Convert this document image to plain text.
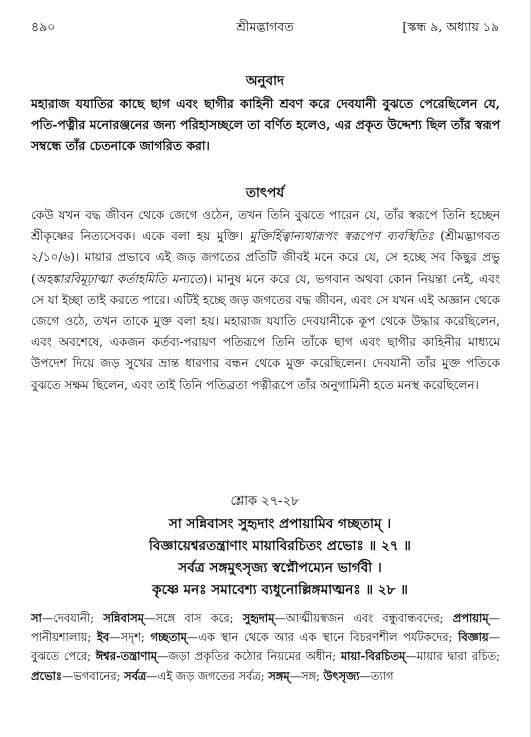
৪৯০	শ্রীমদ্ভাগবত	[স্কন্ধ ৯, অধ্যায় ১৯
অনুবাদ
মহারাজ যযাতির কাছে ছাগ এবং ছাগীর কাহিনী শ্রবণ করে দেবযানী বুঝতে পেরেছিলেন যে, পতি-পত্নীর মনোরঞ্জনের জন্য পরিহাসচ্ছলে তা বর্ণিত হলেও, এর প্রকৃত উদ্দেশ্য ছিল তাঁর স্বরূপ সম্বন্ধে তাঁর চেতনাকে জাগরিত করা।
তাৎপর্য
কেউ যখন বদ্ধ জীবন থেকে জেগে ওঠেন, তখন তিনি বুঝতে পারেন যে, তাঁর স্বরূপে তিনি হচ্ছেন শ্রীকৃষ্ণের নিত্যসেবক। একে বলা হয় মুক্তি। মুক্তির্হিত্বান্যথারূপং স্বরূপেণ ব্যবস্থিতিঃ (শ্রীমদ্ভাগবত ২/১০/৬)। মায়ার প্রভাবে এই জড় জগতের প্রতিটি জীবই মনে করে যে, সে হচ্ছে সব কিছুর প্রভু (অহঙ্কারবিমূঢ়াত্মা কর্তাহমিতি মন্যতে)। মানুষ মনে করে যে, ভগবান অথবা কোন নিয়ন্তা নেই, এবং সে যা ইচ্ছা তাই করতে পারে। এটিই হচ্ছে জড় জগতের বদ্ধ জীবন, এবং সে যখন এই অজ্ঞান থেকে জেগে ওঠে, তখন তাকে মুক্ত বলা হয়। মহারাজ যযাতি দেবযানীকে কূপ থেকে উদ্ধার করেছিলেন, এবং অবশেষে, একজন কর্তব্য-পরায়ণ পতিরূপে তিনি তাঁকে ছাগ এবং ছাগীর কাহিনীর মাধ্যমে উপদেশ দিয়ে জড় সুখের ভ্রান্ত ধারণার বন্ধন থেকে মুক্ত করেছিলেন। দেবযানী তাঁর মুক্ত পতিকে বুঝতে সক্ষম ছিলেন, এবং তাই তিনি পতিব্রতা পত্নীরূপে তাঁর অনুগামিনী হতে মনস্থ করেছিলেন।
শ্লোক ২৭-২৮
সা সন্নিবাসং সুহৃদাং প্রপায়ামিব গচ্ছতাম্ ।
বিজ্ঞায়েশ্বরতন্ত্রাণাং মায়াবিরচিতং প্রভোঃ ॥ ২৭ ॥
সর্বত্র সঙ্গমুৎসৃজ্য স্বপ্নৌপম্যেন ভার্গবী ।
কৃষ্ণে মনঃ সমাবেশ্য ব্যধুনোল্লিঙ্গমাত্মনঃ ॥ ২৮ ॥
সা—দেবযানী; সন্নিবাসম্—সঙ্গে বাস করে; সুহৃদাম্—আত্মীয়স্বজন এবং বন্ধুবান্ধবদের; প্রপায়াম্—পানীয়শালায়; ইব—সদৃশ; গচ্ছতাম্—এক স্থান থেকে আর এক স্থানে বিচরণশীল পর্যটকদের; বিজ্ঞায়—বুঝতে পেরে; ঈশ্বর-তন্ত্রাণাম্—জড়া প্রকৃতির কঠোর নিয়মের অধীন; মায়া-বিরচিতম্—মায়ার দ্বারা রচিত; প্রভোঃ—ভগবানের; সর্বত্র—এই জড় জগতের সর্বত্র; সঙ্গম্—সঙ্গ; উৎসৃজ্য—ত্যাগ
